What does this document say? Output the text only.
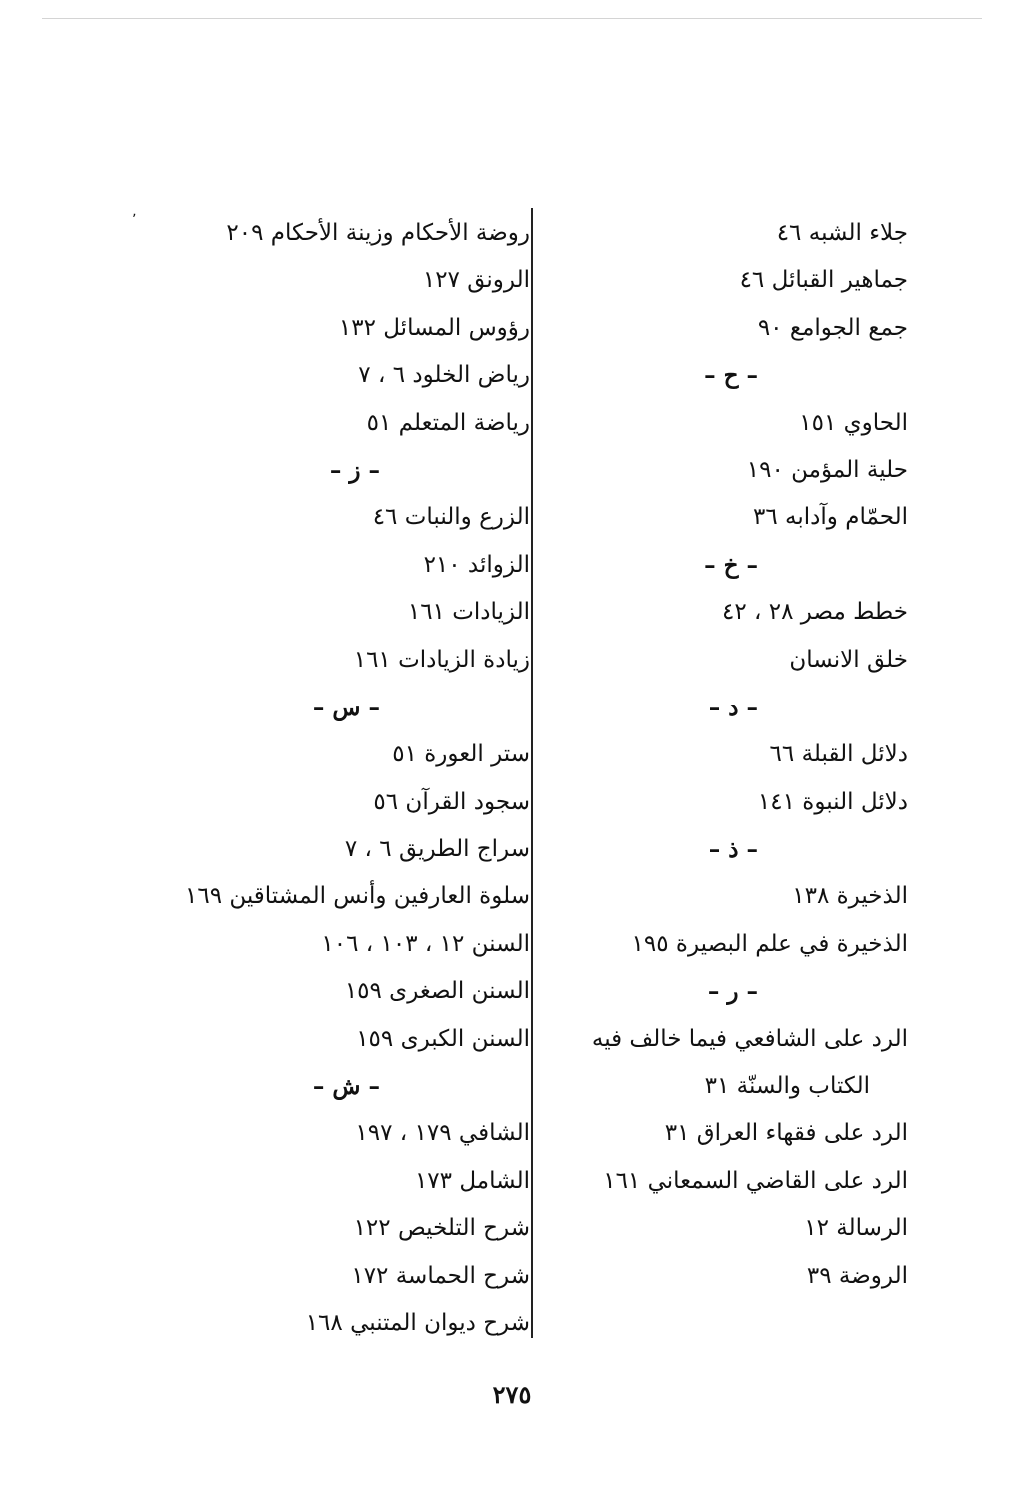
٬	جلاء الشبه ٤٦
جماهير القبائل ٤٦
جمع الجوامع ٩٠
– ح –
الحاوي ١٥١
حلية المؤمن ١٩٠
الحمّام وآدابه ٣٦
– خ –
خطط مصر ٢٨ ، ٤٢
خلق الانسان
– د –
دلائل القبلة ٦٦
دلائل النبوة ١٤١
– ذ –
الذخيرة ١٣٨
الذخيرة في علم البصيرة ١٩٥
– ر –
الرد على الشافعي فيما خالف فيه
الكتاب والسنّة ٣١
الرد على فقهاء العراق ٣١
الرد على القاضي السمعاني ١٦١
الرسالة ١٢
الروضة ٣٩
روضة الأحكام وزينة الأحكام ٢٠٩
الرونق ١٢٧
رؤوس المسائل ١٣٢
رياض الخلود ٦ ، ٧
رياضة المتعلم ٥١
– ز –
الزرع والنبات ٤٦
الزوائد ٢١٠
الزيادات ١٦١
زيادة الزيادات ١٦١
– س –
ستر العورة ٥١
سجود القرآن ٥٦
سراج الطريق ٦ ، ٧
سلوة العارفين وأنس المشتاقين ١٦٩
السنن ١٢ ، ١٠٣ ، ١٠٦
السنن الصغرى ١٥٩
السنن الكبرى ١٥٩
– ش –
الشافي ١٧٩ ، ١٩٧
الشامل ١٧٣
شرح التلخيص ١٢٢
شرح الحماسة ١٧٢
شرح ديوان المتنبي ١٦٨
٢٧٥
